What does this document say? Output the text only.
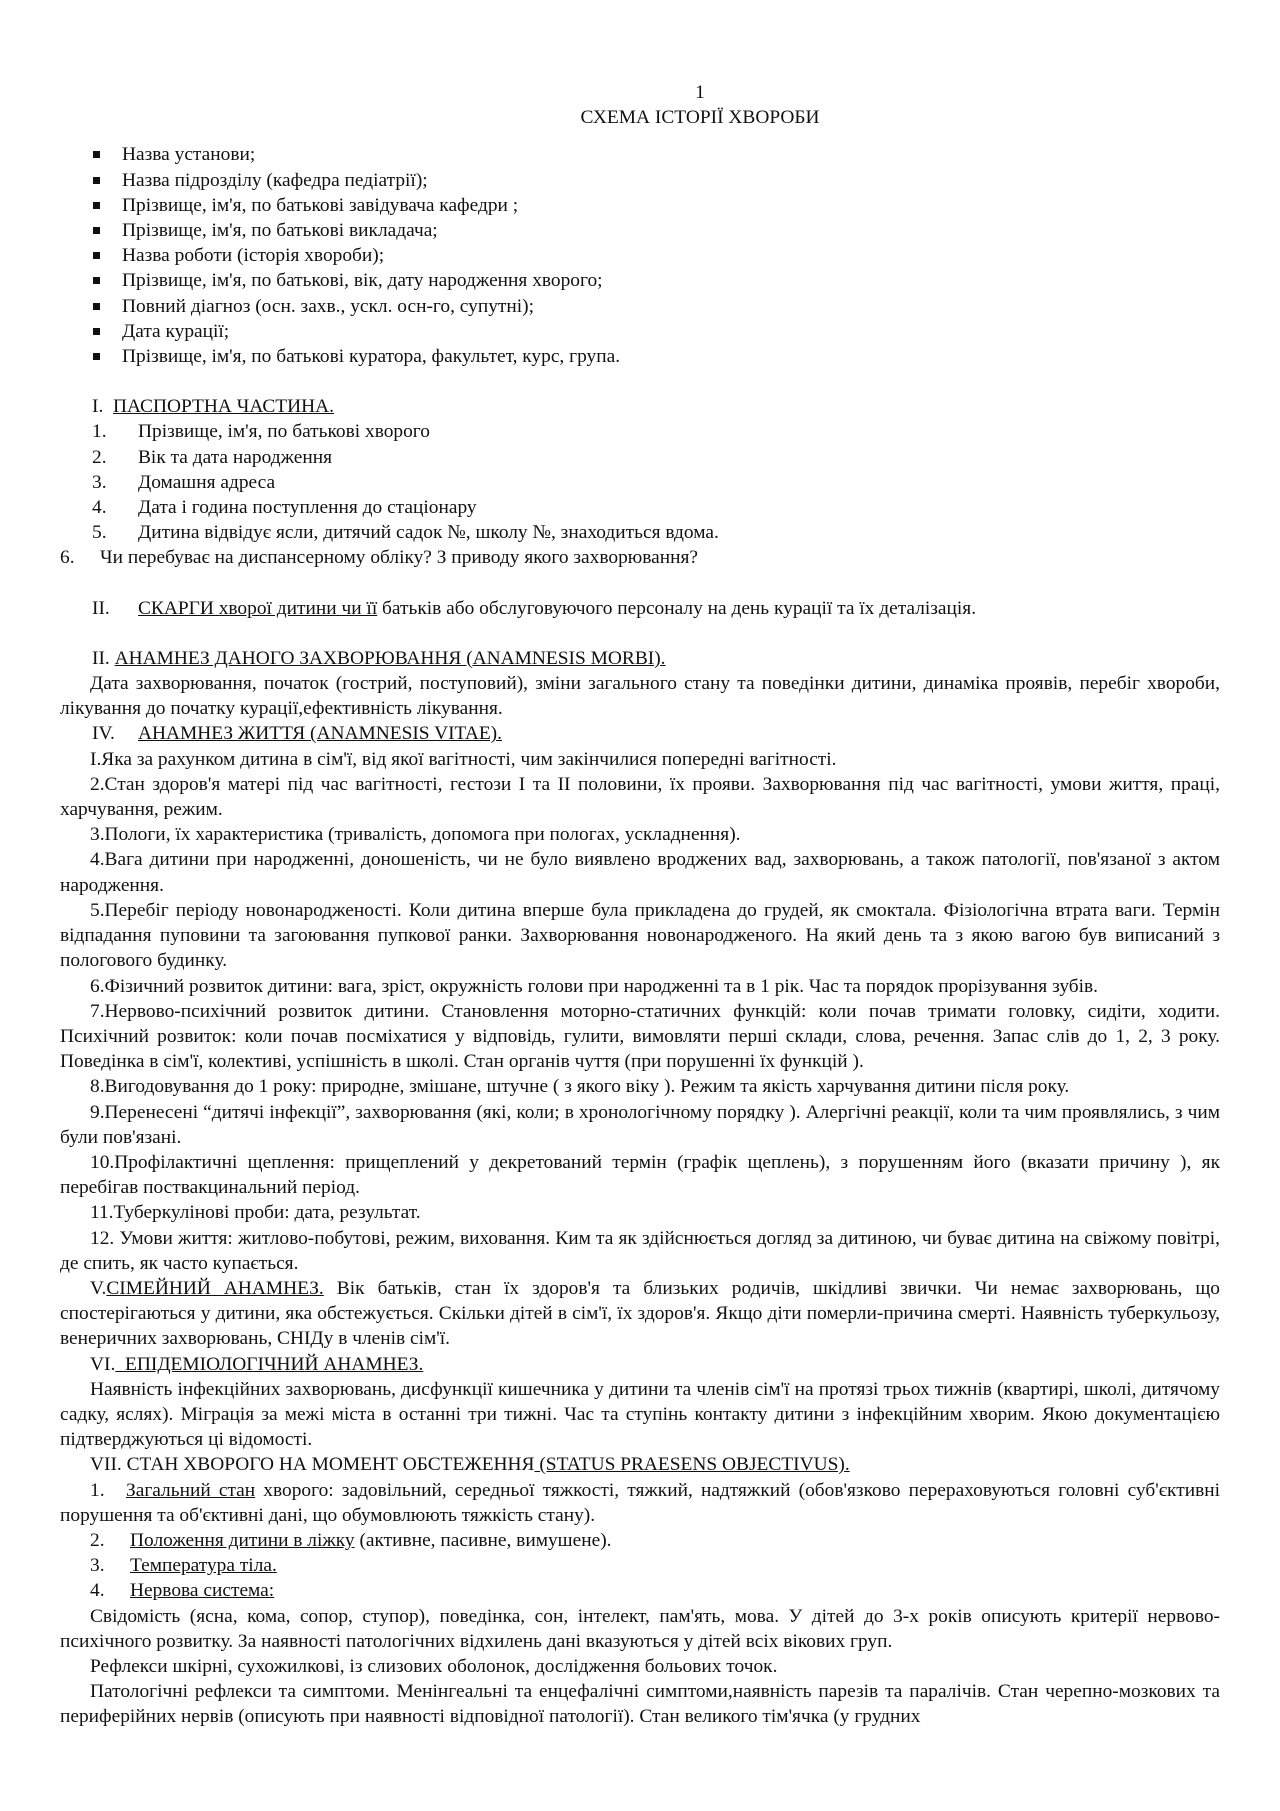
1
СХЕМА ІСТОРІЇ ХВОРОБИ
Назва установи;
Назва підрозділу (кафедра педіатрії);
Прізвище, ім'я, по батькові завідувача кафедри ;
Прізвище, ім'я, по батькові викладача;
Назва роботи (історія хвороби);
Прізвище, ім'я, по батькові, вік, дату народження хворого;
Повний діагноз (осн. захв., ускл. осн-го, супутні);
Дата курації;
Прізвище, ім'я, по батькові куратора, факультет, курс, група.
I. ПАСПОРТНА ЧАСТИНА.
1. Прізвище, ім'я, по батькові хворого
2. Вік та дата народження
3. Домашня адреса
4. Дата і година поступлення до стаціонару
5. Дитина відвідує ясли, дитячий садок №, школу №, знаходиться вдома.
6. Чи перебуває на диспансерному обліку? З приводу якого захворювання?
II. СКАРГИ хворої дитини чи її батьків або обслуговуючого персоналу на день курації та їх деталізація.
II. АНАМНЕЗ ДАНОГО ЗАХВОРЮВАННЯ (ANAMNESIS MORBI).
Дата захворювання, початок (гострий, поступовий), зміни загального стану та поведінки дитини, динаміка проявів, перебіг хвороби, лікування до початку курації,ефективність лікування.
IV. АНАМНЕЗ ЖИТТЯ (ANAMNESIS VITAE).
I.Яка за рахунком дитина в сім'ї, від якої вагітності, чим закінчилися попередні вагітності.
2.Стан здоров'я матері під час вагітності, гестози I та II половини, їх прояви. Захворювання під час вагітності, умови життя, праці, харчування, режим.
3.Пологи, їх характеристика (тривалість, допомога при пологах, ускладнення).
4.Вага дитини при народженні, доношеність, чи не було виявлено вроджених вад, захворювань, а також патології, пов'язаної з актом народження.
5.Перебіг періоду новонародженості. Коли дитина вперше була прикладена до грудей, як смоктала. Фізіологічна втрата ваги. Термін відпадання пуповини та загоювання пупкової ранки. Захворювання новонародженого. На який день та з якою вагою був виписаний з пологового будинку.
6.Фізичний розвиток дитини: вага, зріст, окружність голови при народженні та в 1 рік. Час та порядок прорізування зубів.
7.Нервово-психічний розвиток дитини. Становлення моторно-статичних функцій: коли почав тримати головку, сидіти, ходити. Психічний розвиток: коли почав посміхатися у відповідь, гулити, вимовляти перші склади, слова, речення. Запас слів до 1, 2, 3 року. Поведінка в сім'ї, колективі, успішність в школі. Стан органів чуття (при порушенні їх функцій ).
8.Вигодовування до 1 року: природне, змішане, штучне ( з якого віку ). Режим та якість харчування дитини після року.
9.Перенесені “дитячі інфекції”, захворювання (які, коли; в хронологічному порядку ). Алергічні реакції, коли та чим проявлялись, з чим були пов'язані.
10.Профілактичні щеплення: прищеплений у декретований термін (графік щеплень), з порушенням його (вказати причину ), як перебігав поствакцинальний період.
11.Туберкулінові проби: дата, результат.
12. Умови життя: житлово-побутові, режим, виховання. Ким та як здійснюється догляд за дитиною, чи буває дитина на свіжому повітрі, де спить, як часто купається.
V.СІМЕЙНИЙ АНАМНЕЗ. Вік батьків, стан їх здоров'я та близьких родичів, шкідливі звички. Чи немає захворювань, що спостерігаються у дитини, яка обстежується. Скільки дітей в сім'ї, їх здоров'я. Якщо діти померли-причина смерті. Наявність туберкульозу, венеричних захворювань, СНІДу в членів сім'ї.
VI.  ЕПІДЕМІОЛОГІЧНИЙ АНАМНЕЗ.
Наявність інфекційних захворювань, дисфункції кишечника у дитини та членів сім'ї на протязі трьох тижнів (квартирі, школі, дитячому садку, яслях). Міграція за межі міста в останні три тижні. Час та ступінь контакту дитини з інфекційним хворим. Якою документацією підтверджуються ці відомості.
VII. СТАН ХВОРОГО НА МОМЕНТ ОБСТЕЖЕННЯ (STATUS PRAESENS OBJECTIVUS).
1. Загальний стан хворого: задовільний, середньої тяжкості, тяжкий, надтяжкий (обов'язково перераховуються головні суб'єктивні порушення та об'єктивні дані, що обумовлюють тяжкість стану).
2. Положення дитини в ліжку (активне, пасивне, вимушене).
3. Температура тіла.
4. Нервова система:
Свідомість (ясна, кома, сопор, ступор), поведінка, сон, інтелект, пам'ять, мова. У дітей до 3-х років описують критерії нервово-психічного розвитку. За наявності патологічних відхилень дані вказуються у дітей всіх вікових груп.
Рефлекси шкірні, сухожилкові, із слизових оболонок, дослідження больових точок.
Патологічні рефлекси та симптоми. Менінгеальні та енцефалічні симптоми,наявність парезів та паралічів. Стан черепно-мозкових та периферійних нервів (описують при наявності відповідної патології). Стан великого тім'ячка (у грудних
